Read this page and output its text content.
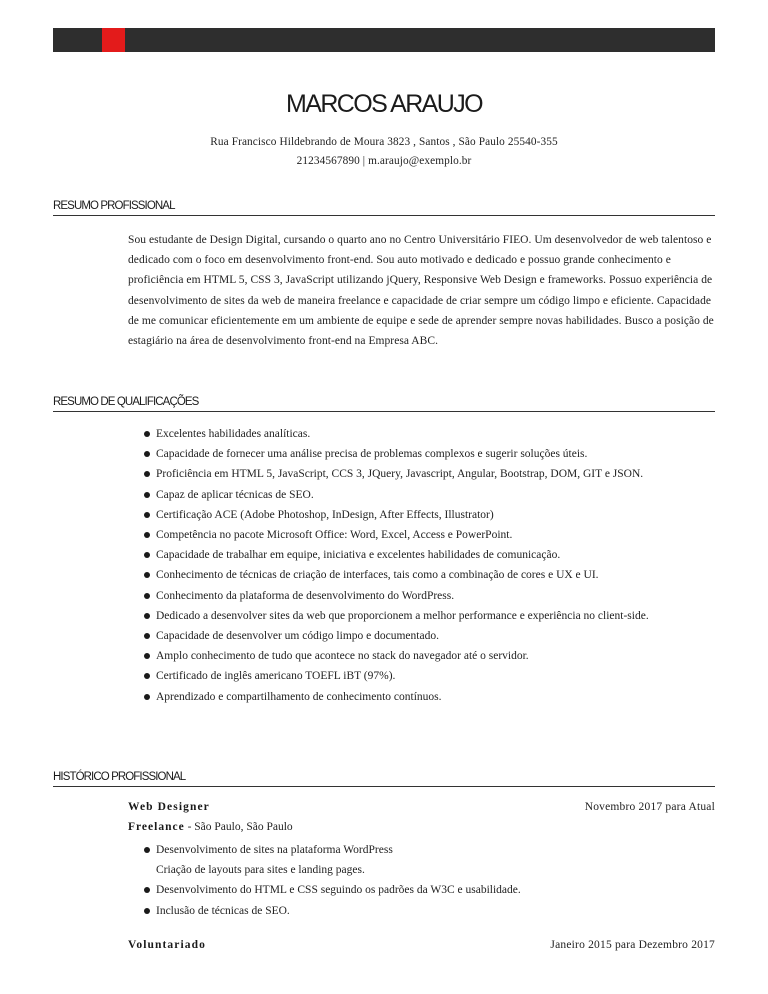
MARCOS ARAUJO
Rua Francisco Hildebrando de Moura 3823 , Santos , São Paulo 25540-355
21234567890 | m.araujo@exemplo.br
RESUMO PROFISSIONAL

Sou estudante de Design Digital, cursando o quarto ano no Centro Universitário FIEO. Um desenvolvedor de web talentoso e dedicado com o foco em desenvolvimento front-end. Sou auto motivado e dedicado e possuo grande conhecimento e proficiência em HTML 5, CSS 3, JavaScript utilizando jQuery, Responsive Web Design e frameworks. Possuo experiência de desenvolvimento de sites da web de maneira freelance e capacidade de criar sempre um código limpo e eficiente. Capacidade de me comunicar eficientemente em um ambiente de equipe e sede de aprender sempre novas habilidades. Busco a posição de estagiário na área de desenvolvimento front-end na Empresa ABC.

RESUMO DE QUALIFICAÇÕES
Excelentes habilidades analíticas.
Capacidade de fornecer uma análise precisa de problemas complexos e sugerir soluções úteis.
Proficiência em HTML 5, JavaScript, CCS 3, JQuery, Javascript, Angular, Bootstrap, DOM, GIT e JSON.
Capaz de aplicar técnicas de SEO.
Certificação ACE (Adobe Photoshop, InDesign, After Effects, Illustrator)
Competência no pacote Microsoft Office: Word, Excel, Access e PowerPoint.
Capacidade de trabalhar em equipe, iniciativa e excelentes habilidades de comunicação.
Conhecimento de técnicas de criação de interfaces, tais como a combinação de cores e UX e UI.
Conhecimento da plataforma de desenvolvimento do WordPress.
Dedicado a desenvolver sites da web que proporcionem a melhor performance e experiência no client-side.
Capacidade de desenvolver um código limpo e documentado.
Amplo conhecimento de tudo que acontece no stack do navegador até o servidor.
Certificado de inglês americano TOEFL iBT (97%).
Aprendizado e compartilhamento de conhecimento contínuos.
HISTÓRICO PROFISSIONAL
Web Designer	Novembro 2017 para Atual
Freelance - São Paulo, São Paulo
Desenvolvimento de sites na plataforma WordPress
Criação de layouts para sites e landing pages.
Desenvolvimento do HTML e CSS seguindo os padrões da W3C e usabilidade.
Inclusão de técnicas de SEO.
Voluntariado	Janeiro 2015 para Dezembro 2017
